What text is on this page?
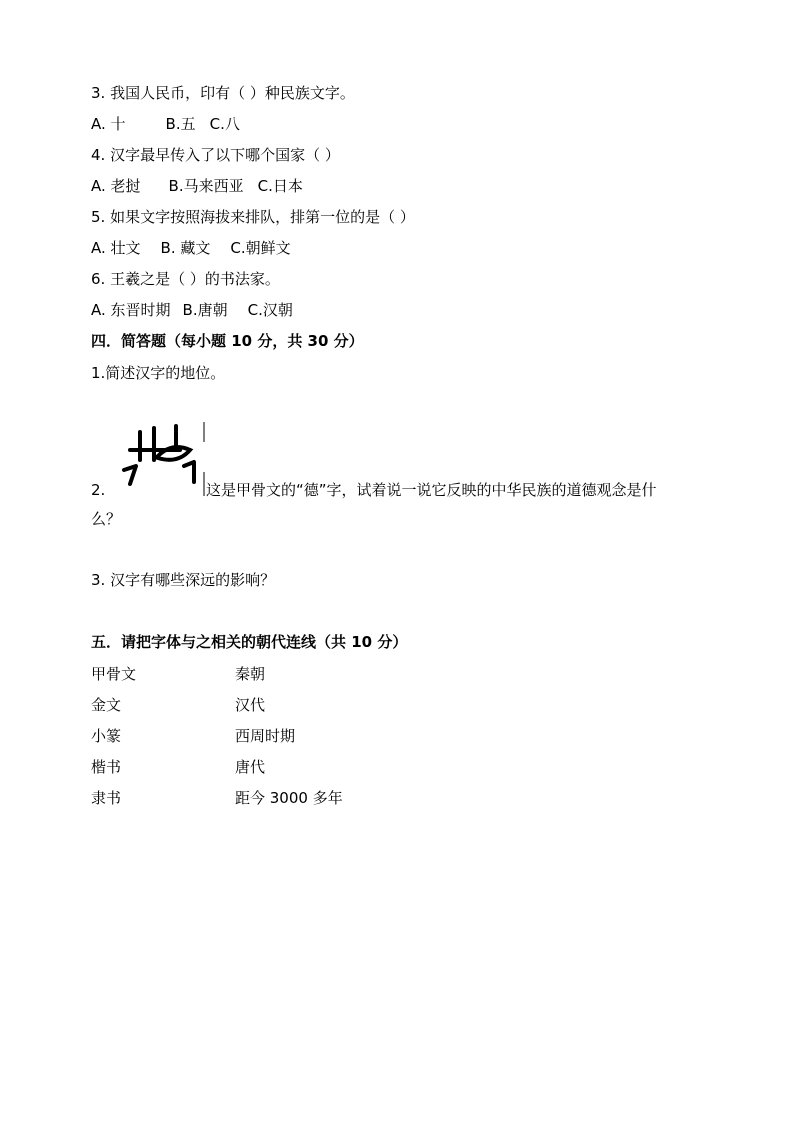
3. 我国人民币，印有（ ）种民族文字。
A. 十	B.五 C.八
4. 汉字最早传入了以下哪个国家（ ）
A. 老挝 B.马来西亚 C.日本
5. 如果文字按照海拔来排队，排第一位的是（ ）
A. 壮文 B. 藏文 C.朝鲜文
6. 王羲之是（ ）的书法家。
A. 东晋时期 B.唐朝 C.汉朝
四．简答题（每小题 10 分，共 30 分）
1.简述汉字的地位。
2.	这是甲骨文的“德”字，试着说一说它反映的中华民族的道德观念是什
么？
3. 汉字有哪些深远的影响？
五．请把字体与之相关的朝代连线（共 10 分）
甲骨文
金文
小篆
楷书
隶书
秦朝
汉代
西周时期
唐代
距今 3000 多年
